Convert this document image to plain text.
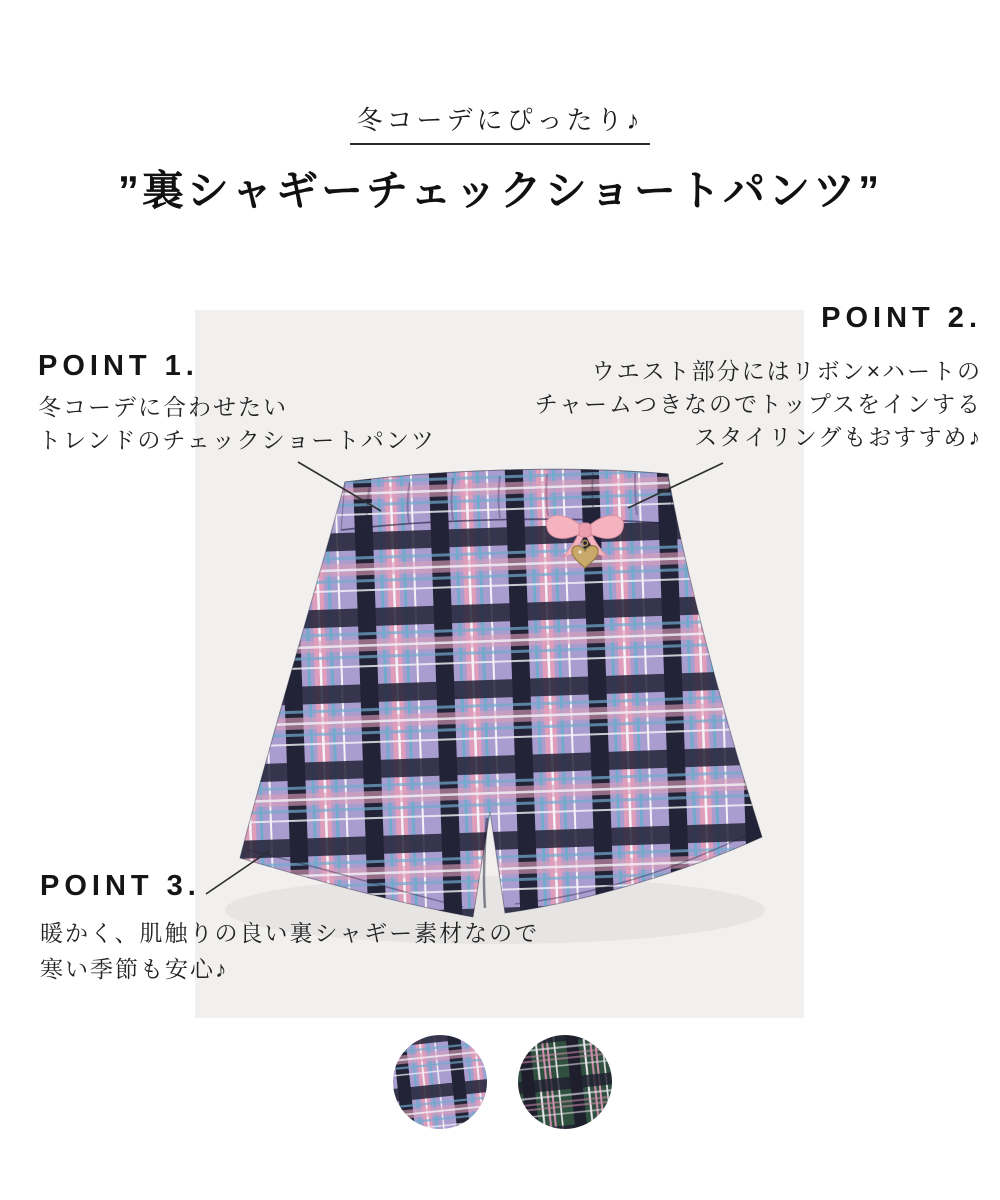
冬コーデにぴったり♪
”裏シャギーチェックショートパンツ”
POINT 1.
冬コーデに合わせたい
トレンドのチェックショートパンツ
POINT 2.
ウエスト部分にはリボン×ハートの
チャームつきなのでトップスをインする
スタイリングもおすすめ♪
POINT 3.
暖かく、肌触りの良い裏シャギー素材なので
寒い季節も安心♪
